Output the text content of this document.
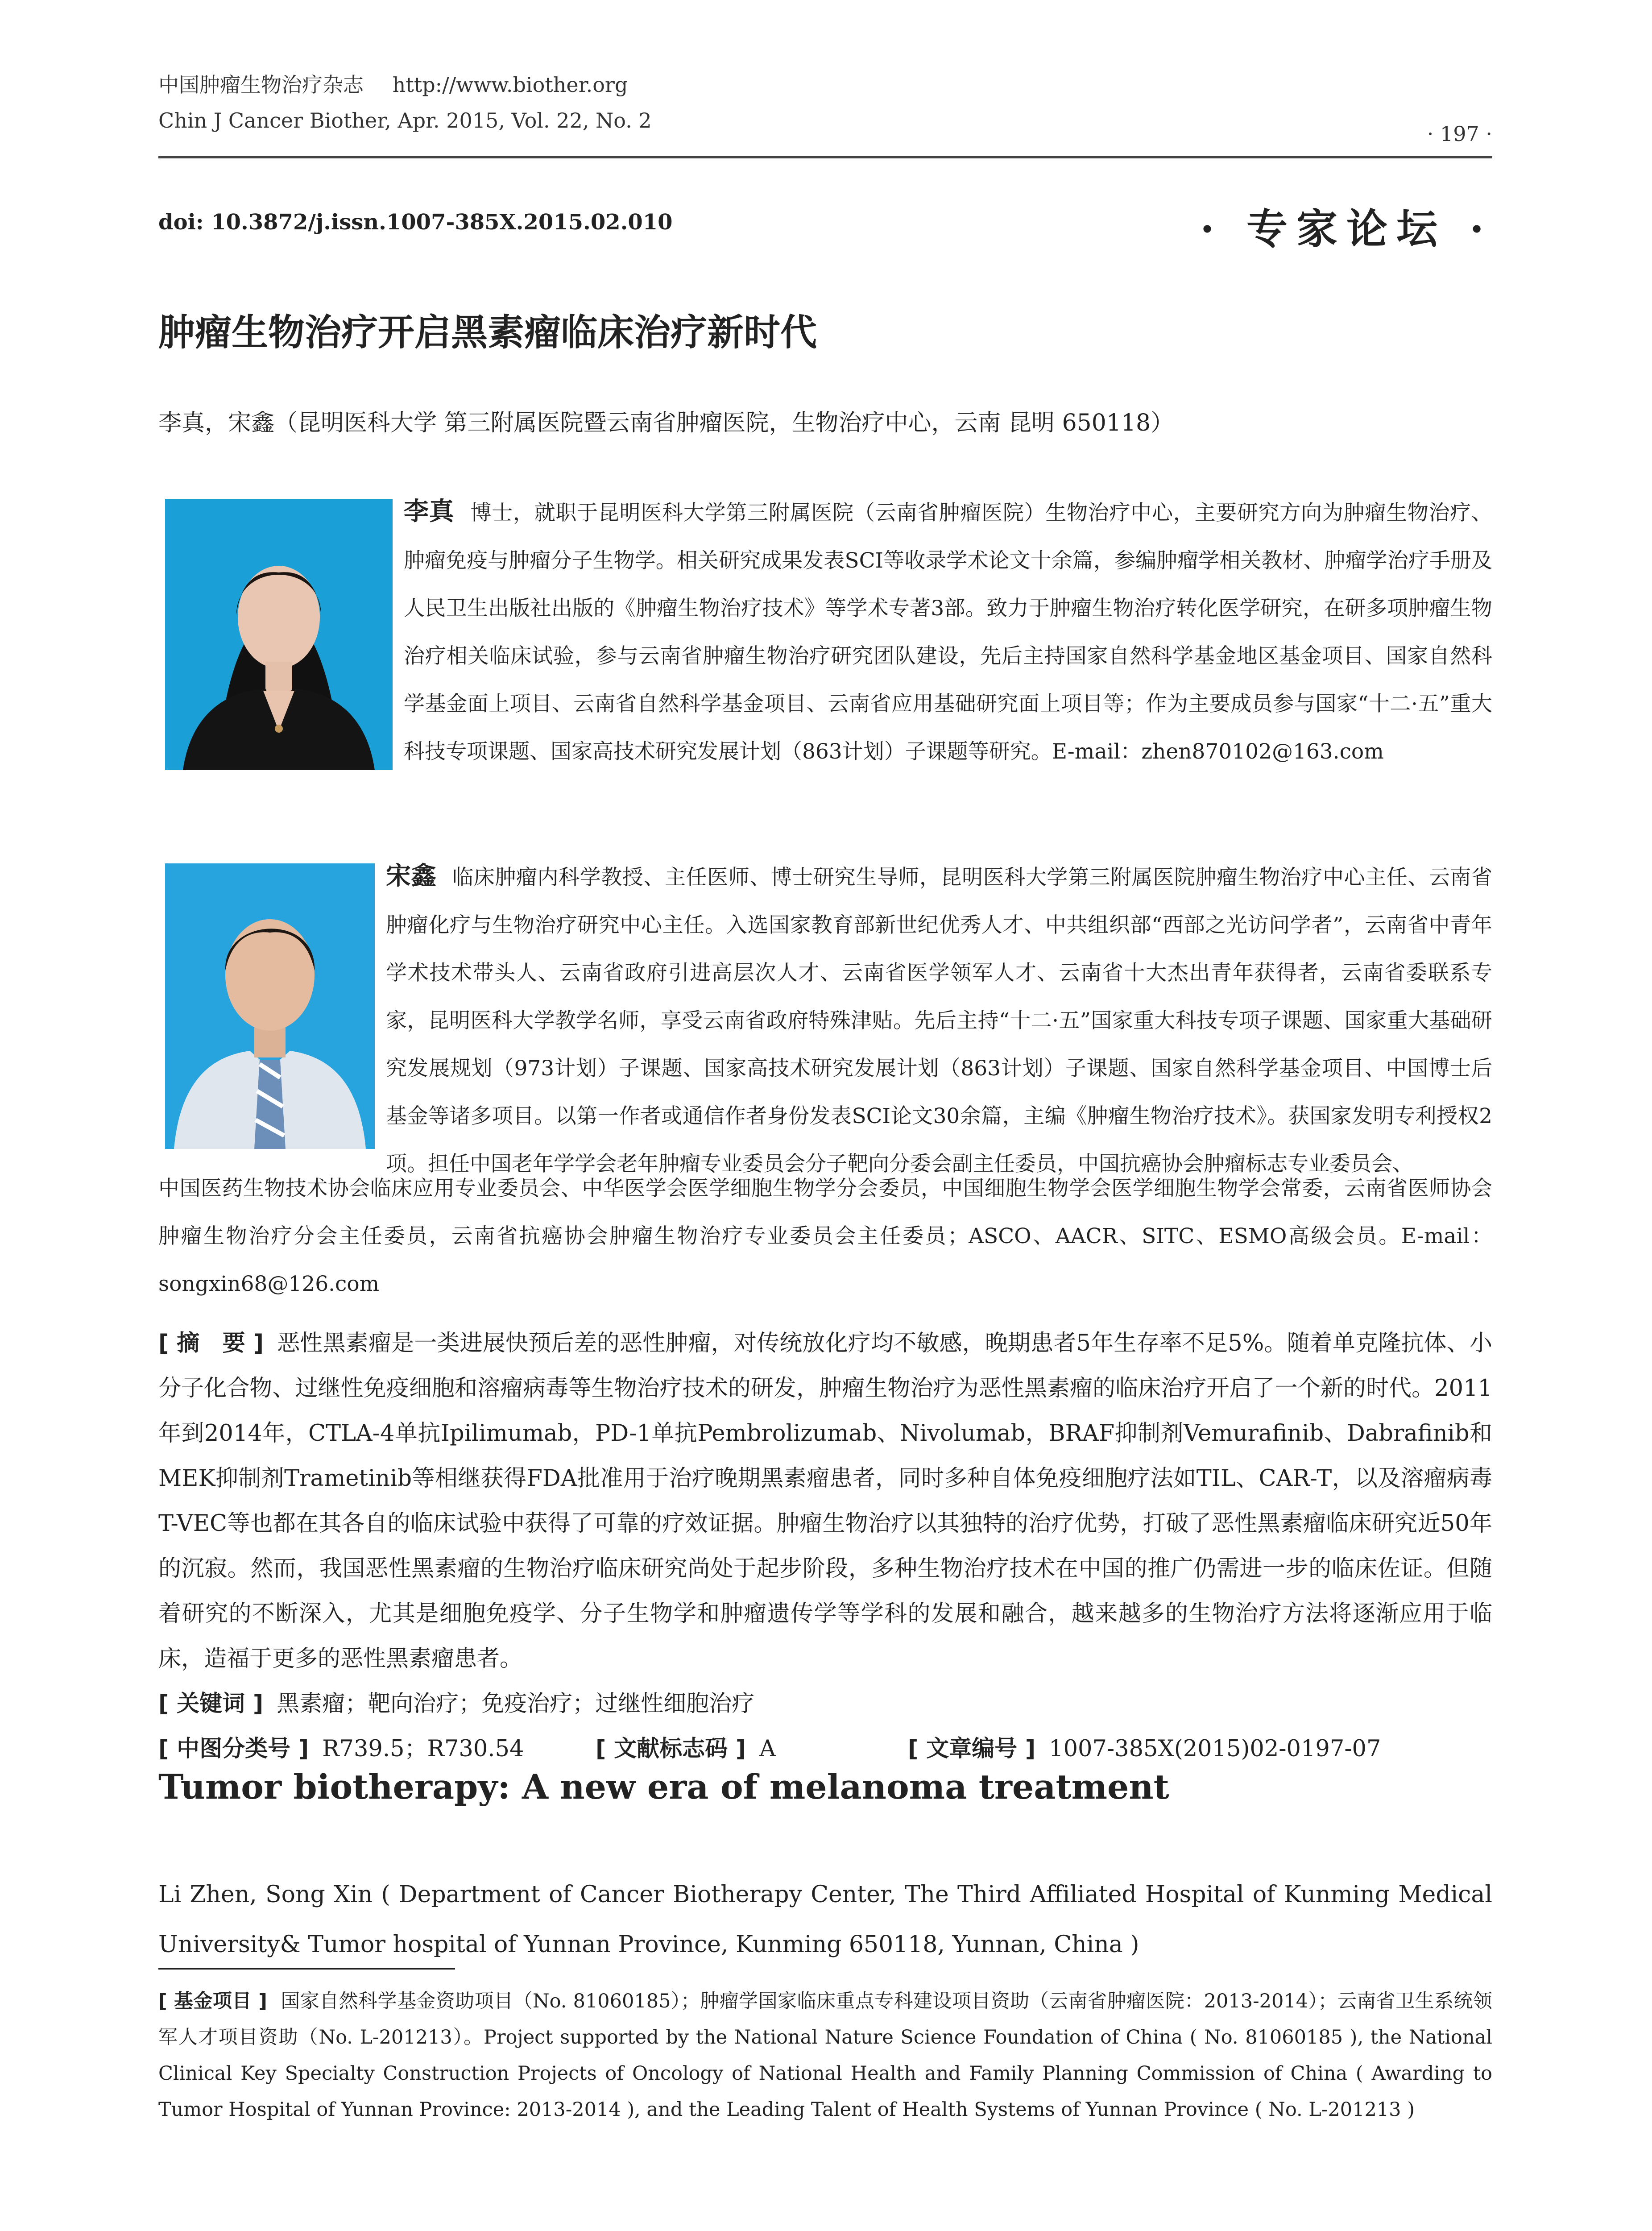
中国肿瘤生物治疗杂志 http://www.biother.org
Chin J Cancer Biother, Apr. 2015, Vol. 22, No. 2
· 197 ·
doi: 10.3872/j.issn.1007-385X.2015.02.010	· 专家论坛 ·
肿瘤生物治疗开启黑素瘤临床治疗新时代
李真，宋鑫（昆明医科大学 第三附属医院暨云南省肿瘤医院，生物治疗中心，云南 昆明 650118）
李真 博士，就职于昆明医科大学第三附属医院（云南省肿瘤医院）生物治疗中心，主要研究方向为肿瘤生物治疗、肿瘤免疫与肿瘤分子生物学。相关研究成果发表SCI等收录学术论文十余篇，参编肿瘤学相关教材、肿瘤学治疗手册及人民卫生出版社出版的《肿瘤生物治疗技术》等学术专著3部。致力于肿瘤生物治疗转化医学研究，在研多项肿瘤生物治疗相关临床试验，参与云南省肿瘤生物治疗研究团队建设，先后主持国家自然科学基金地区基金项目、国家自然科学基金面上项目、云南省自然科学基金项目、云南省应用基础研究面上项目等；作为主要成员参与国家“十二·五”重大科技专项课题、国家高技术研究发展计划（863计划）子课题等研究。E-mail：zhen870102@163.com
宋鑫 临床肿瘤内科学教授、主任医师、博士研究生导师，昆明医科大学第三附属医院肿瘤生物治疗中心主任、云南省肿瘤化疗与生物治疗研究中心主任。入选国家教育部新世纪优秀人才、中共组织部“西部之光访问学者”，云南省中青年学术技术带头人、云南省政府引进高层次人才、云南省医学领军人才、云南省十大杰出青年获得者，云南省委联系专家，昆明医科大学教学名师，享受云南省政府特殊津贴。先后主持“十二·五”国家重大科技专项子课题、国家重大基础研究发展规划（973计划）子课题、国家高技术研究发展计划（863计划）子课题、国家自然科学基金项目、中国博士后基金等诸多项目。以第一作者或通信作者身份发表SCI论文30余篇，主编《肿瘤生物治疗技术》。获国家发明专利授权2项。担任中国老年学学会老年肿瘤专业委员会分子靶向分委会副主任委员，中国抗癌协会肿瘤标志专业委员会、
中国医药生物技术协会临床应用专业委员会、中华医学会医学细胞生物学分会委员，中国细胞生物学会医学细胞生物学会常委，云南省医师协会肿瘤生物治疗分会主任委员，云南省抗癌协会肿瘤生物治疗专业委员会主任委员；ASCO、AACR、SITC、ESMO高级会员。E-mail：songxin68@126.com
[ 摘　要 ] 恶性黑素瘤是一类进展快预后差的恶性肿瘤，对传统放化疗均不敏感，晚期患者5年生存率不足5%。随着单克隆抗体、小分子化合物、过继性免疫细胞和溶瘤病毒等生物治疗技术的研发，肿瘤生物治疗为恶性黑素瘤的临床治疗开启了一个新的时代。2011年到2014年，CTLA-4单抗Ipilimumab，PD-1单抗Pembrolizumab、Nivolumab，BRAF抑制剂Vemurafinib、Dabrafinib和MEK抑制剂Trametinib等相继获得FDA批准用于治疗晚期黑素瘤患者，同时多种自体免疫细胞疗法如TIL、CAR-T，以及溶瘤病毒T-VEC等也都在其各自的临床试验中获得了可靠的疗效证据。肿瘤生物治疗以其独特的治疗优势，打破了恶性黑素瘤临床研究近50年的沉寂。然而，我国恶性黑素瘤的生物治疗临床研究尚处于起步阶段，多种生物治疗技术在中国的推广仍需进一步的临床佐证。但随着研究的不断深入，尤其是细胞免疫学、分子生物学和肿瘤遗传学等学科的发展和融合，越来越多的生物治疗方法将逐渐应用于临床，造福于更多的恶性黑素瘤患者。
[ 关键词 ] 黑素瘤；靶向治疗；免疫治疗；过继性细胞治疗
[ 中图分类号 ] R739.5；R730.54	[ 文献标志码 ] A	[ 文章编号 ] 1007-385X(2015)02-0197-07
Tumor biotherapy: A new era of melanoma treatment
Li Zhen, Song Xin ( Department of Cancer Biotherapy Center, The Third Affiliated Hospital of Kunming Medical University& Tumor hospital of Yunnan Province, Kunming 650118, Yunnan, China )
[ 基金项目 ] 国家自然科学基金资助项目（No. 81060185）；肿瘤学国家临床重点专科建设项目资助（云南省肿瘤医院：2013-2014）；云南省卫生系统领军人才项目资助（No. L-201213）。Project supported by the National Nature Science Foundation of China ( No. 81060185 ), the National Clinical Key Specialty Construction Projects of Oncology of National Health and Family Planning Commission of China ( Awarding to Tumor Hospital of Yunnan Province: 2013-2014 ), and the Leading Talent of Health Systems of Yunnan Province ( No. L-201213 )
